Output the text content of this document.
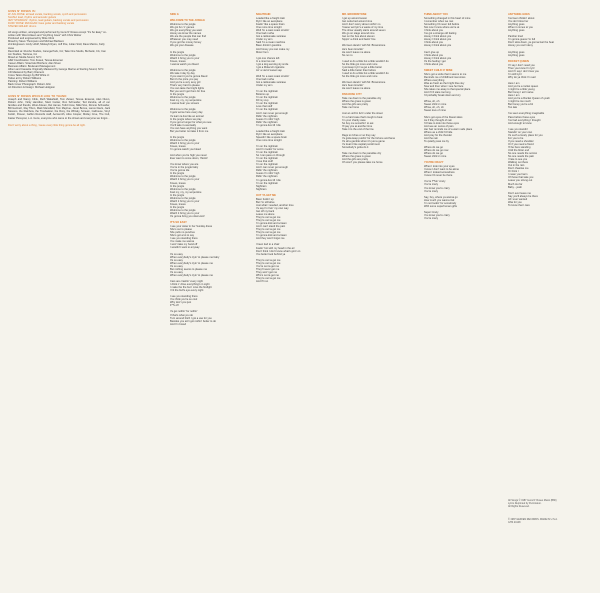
GUNS N' ROSES IS:
W. AXL ROSE: all lead vocals, backing vocals, synth and percussion
SLASH: lead, rhythm and acoustic guitars
IZZY STRADLIN': rhythm, lead guitars, backing vocals and percussion
DUFF 'ROSE' McKAGAN: bass guitar and backing vocals
STEVEN ADLER: drums
All songs written, arranged and performed by Guns N' Roses except "It's So Easy" co-written with West Arkeen and "Anything Goes" with Chris Weber
Produced and engineered by Mike Clink
Mixed by Steve Thompson and Michael Barbiero
2nd Engineers: Andy Udoff, Mickeyb Ryan, Jeff Poe, Julian Stoll, Dave Marino, Kelly Huse
Recorded at: Rumbo Studios, Canoga Park, CA; Take One Studio, Burbank, CA; Can Am Studios, Tarzana, CA
Mixed at: Media Sound, NYC
A&R Coordination: Tom Zutaut, Teresa Ensenat
Career Affairs: Stravinski Brothers; Alan Niven
Business Affairs: Boulevard Management
Album and Cassette Originally Mastered by George Marino at Sterling Sound, NYC
CD Mastered by Barry Diament
Cross Tattoo Design by Bill White Jr.
Tattoo art by Robert Williams
Painting: Robert Williams
Back Cover Photograph: Robert John
Art Direction & Design: Michael Hodgson
GUNS N' ROSES WOULD LIKE TO THANK:
Joseph and Nancy Clink, Ruth Wakefield, Tom Zutaut, Teresa Ensenat, Alan Niven, Robert John, Vicky Hamilton, Marc Canter, Ron Schneider, Ted Zaruba, all of our families and friends, West Arkeen, Del James, Todd Crew, Nikki Sixx, Ronnie Schneider, Bill Gazzarri, Ray Tilton, Mark Mansfield, Tom Mayhue, Janet Bonne, Lance Davis, Jack Stevens, the Rainbow, the Troubadour, the Roxy, the Whisky, Scream, Cathouse, Vinyl Fetish, Poseur, Geffen Records staff, Aerosmith, Alice Cooper, Motley Crue, The Cult, Faster Pussycat, L.A. Guns, everyone who came to the shows and everyone we forgot...
Don't worry about a thing, 'cause every little thing gonna be all right.
SIDE G
WELCOME TO THE JUNGLE
Welcome to the jungle
We got fun 'n' games
We got everything you want
Honey we know the names
We are the people that can find
Whatever you may need
If you got the money honey
We got your disease

In the jungle
Welcome to the jungle
Watch it bring you to your
Knees, knees
I wanna watch you bleed

Welcome to the jungle
We take it day by day
If you want it you're gonna bleed
But it's the price you pay
And you're a very sexy girl
That's very hard to please
You can taste the bright lights
But you won't get them for free
In the jungle
Welcome to the jungle
Feel my, my, my serpentine
I wanna hear you scream

Welcome to the jungle
It gets worse here every day
Ya learn ta live like an animal
In the jungle where we play
If you got a hunger for what you see
You'll take it eventually
You can have anything you want
But you better not take it from me

In the jungle
Welcome to the jungle
Watch it bring you to your
Knees, knees
I'm gonna watch you bleed

And when you're high you never
Ever want to come down, YEAH!

You know where you are
You're in the jungle baby
You're gonna die
In the jungle
Welcome to the jungle
Watch it bring you to your
Knees, knees
In the jungle
Welcome to the jungle
Feel my, my, my serpentine
In the jungle
Welcome to the jungle
Watch it bring you to your
Knees, knees
In the jungle
Welcome to the jungle
Watch it bring you to your
It's gonna bring you down-HA!
IT'S SO EASY
I see your sister in her Sunday dress
She's out to please
She pulls no punches
She's got a lot to say
I see you standing there
You make me wanna
I won't take my hand off
I wouldn't want to anyway

It's so easy
When everybody's tryin' to please me baby
It's so easy
When everybody's tryin' to please me
It's so easy
But nothing seems to please me
It's so easy
When everybody's tryin' to please me

Cars are crashin' every night
I drink n' drive everything's in sight
I make the fire but I miss the firefight
I hit the bull's eye every night

I see you standing there
You think you're so cool
Why don't you just
F**k off

Ya get nothin' for nothin'
If that's what you do
Turn around bitch I got a use for you
Besides you ain't got nothin' better to do
And I'm bored
NIGHTRAIN
Loaded like a freight train
Flyin' like an aeroplane
Feelin' like a space brain
One more time tonight
Well I'm a west coast struttin'
One bad mutha
Got a rattlesnake suitcase
Under my arm
Said I'm a mean machine
Been drinkin' gasoline
And honey you can make my
Motor hum

I got one chance left
In a nine live cat
I got a dog eat dog sly smile
I got a Moleculr cigarette
An' a vial of sweet sap

Well I'm a west coast struttin'
One bad mutha
Got a rattlesnake suitcase
Under my arm

I'm on the nightrain
Bottoms up
I'm on the nightrain
Fill my cup
I'm on the nightrain
Love that stuff
I'm on the nightrain
And I can never get enough
Ridin' the nightrain
Guess I'm ridin' high
Ridin' the nightrain
I'm gonna live till I die

Loaded like a freight train
Flyin' like an aeroplane
Speedin' like a space brain
One more time tonight

I'm on the nightrain
And I'm lookin' for some
I'm on the nightrain
So I can pass on through
I'm on the nightrain
I love that stuff
I'm on the nightrain
And I can never get enough
Ridin' the nightrain
Guess I'm ridin' high
Ridin' the nightrain
I'm gonna live till I die
I'm on the nightrain
Nightrain
Nightrain
OUT TA GET ME
Been fuckin' up
But I'm still alive
Just what I needed, another time
Ya say I'm livin' my own way
Get off my back
Leave me alone
They're out ta get me
They're out ta get me
I'm gonna kick and scream
And I can't stand the pain
They're out ta get me
They're out ta get me
I'm gonna kick and scream
And they won't forget me

I been tied to a chair
Feelin' hot with my head in the air
Don't think I don't know what's goin' on
You better look behind ya

They're out ta get me
They're out ta get me
You're out ta get me
They'll never get me
They won't get me
Who's out ta get me
They're out ta get me
And I'll run
MR. BROWNSTONE
I get up around seven
Get outta bed around nine
And I don't worry about nothin' no
'Cause worryin's a waste of my time
The show usually starts around seven
We go on stage around nine
Get on the bus about eleven
Sippin' a drink and feelin' fine

We been dancin' with Mr. Brownstone
He's been knockin'
He won't leave me alone
No no no

I used to do a little but a little wouldn't do
So the little got more and more
I just keep tryin' ta get a little better
Said a little better than before
I used to do a little but a little wouldn't do
So the little got more and more

We been dancin' with Mr. Brownstone
He's been knockin'
He won't leave me alone
PARADISE CITY
Take me down to the paradise city
Where the grass is green
And the girls are pretty
Take me home

Just an urchin livin' under the street
I'm a hard case that's tough to beat
I'm your charity case
So buy me somethin' to eat
I'll pay you at another time
Take it to the end of the line

Rags to riches or so they say
Ya gotta keep pushin' for the fortune and fame
It's all a gamble when it's just a game
Ya treat it like capital punishment
Somebody's gotta do it

Take me down to the paradise city
Where the grass is green
And the girls are pretty
Oh won't you please take me home
THINK ABOUT YOU
Something changed in this heart of mine
I remember when we met
Something I'd never felt before
Not now I know where we're at
I think about you
I've got a strange old feeling
Honey I think about you
Honey I think about you
I think about you
Honey I think about you

Can't give up
I think about you
Honey I think about you
It's the feeling I get
I think about you
SWEET CHILD O' MINE
She's got a smile that it seems to me
Reminds me of childhood memories
Where everything
Was as fresh as the bright blue sky
Now and then when I see her face
She takes me away to that special place
And if I'd stare too long
I'd probably break down and cry

Whoa, oh, oh
Sweet child o' mine
Whoa, oh, oh, oh
Sweet love of mine

She's got eyes of the bluest skies
As if they thought of rain
I'd hate to look into those eyes
And see an ounce of pain
Her hair reminds me of a warm safe place
Where as a child I'd hide
And pray for the thunder
And the rain
To quietly pass me by

Where do we go
Where do we go now
Where do we go
Sweet child o' mine
YOU'RE CRAZY
When I look into your eyes
I know I don't want to be alone
When I looked somewhere
I knew I'd never be there

You're f**kin' crazy
You're crazy
You know you're crazy
You're crazy

Say, hey, where ya wanna go
How much you wanna risk
I'm not lookin' for somebody
With some superhuman gifts

Super Crazy
You know you're crazy
You're crazy
ANYTHING GOES
I've been thinkin' about
You don't kiss her
Anything goes
When it comes to you
Anything goes

Panther tired
I'm gonna guess I'm full
Don't slow down, ya gonna feel the heat
Honey you can't deny

Anything goes
Anything goes
ROCKET QUEEN
If I say I don't need you
Then you know I'm lyin'
And if I say I don't love you
I'm still tryin'
Why do ya think I'm sad

Here I am
And you're a rocket queen
I might be a little young
But honey I ain't naive
Here I am
And you're a Rocket Queen oh yeah
I might be too much
But honey you're a bit
Too late

I've seen everything imaginable
Pass before these eyes
I've had everything I thought
And enough to know

I see you standin'
Standin' on your own
It's such a lonely place for you
For you to be
If you need a shoulder
Or if you need a friend
I'll be here standing
Until the bitter end
No one needs the sorrow
No one needs the pain
I hate to see you
Walking out there
Out in the rain
Don't chastise me
Or think I
I mean you harm
Of those that take you
Leave you strung out
Much too far
Baby - yeah

Don't ever leave me
Say you'll always be there
All I ever wanted
Was for you
To know that I care
All Songs © 1987 Guns N' Roses Music (BMI)
Lyrics Reprinted by Permission.
All Rights Reserved.
© 1987 GEFFEN RECORDS. MADE IN U.S.A.
GHS 24148
